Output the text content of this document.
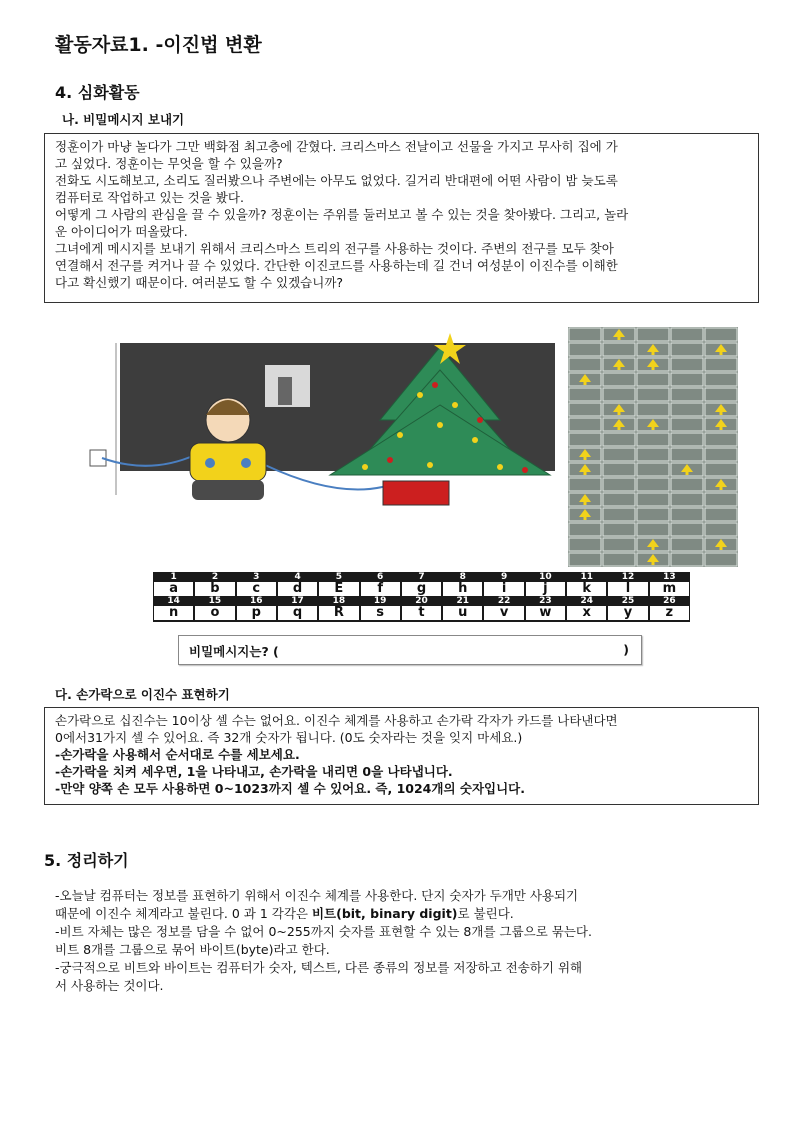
활동자료1. -이진법 변환
4. 심화활동
나. 비밀메시지 보내기

정훈이가 마냥 놀다가 그만 백화점 최고층에 갇혔다. 크리스마스 전날이고 선물을 가지고 무사히 집에 가

고 싶었다. 정훈이는 무엇을 할 수 있을까?

전화도 시도해보고, 소리도 질러봤으나 주변에는 아무도 없었다. 길거리 반대편에 어떤 사람이 밤 늦도록

컴퓨터로 작업하고 있는 것을 봤다.

어떻게 그 사람의 관심을 끌 수 있을까? 정훈이는 주위를 둘러보고 볼 수 있는 것을 찾아봤다. 그리고, 놀라

운 아이디어가 떠올랐다.

그녀에게 메시지를 보내기 위해서 크리스마스 트리의 전구를 사용하는 것이다. 주변의 전구를 모두 찾아

연결해서 전구를 켜거나 끌 수 있었다. 간단한 이진코드를 사용하는데 길 건너 여성분이 이진수를 이해한

다고 확신했기 때문이다. 여러분도 할 수 있겠습니까?

1	2	3	4	5	6	7	8	9	10	11	12	13
a	b	c	d	E	f	g	h	i	j	k	l	m
14	15	16	17	18	19	20	21	22	23	24	25	26
n	o	p	q	R	s	t	u	v	w	x	y	z
비밀메시지는? (	)
다. 손가락으로 이진수 표현하기

손가락으로 십진수는 10이상 셀 수는 없어요. 이진수 체계를 사용하고 손가락 각자가 카드를 나타낸다면

0에서31가지 셀 수 있어요. 즉 32개 숫자가 됩니다. (0도 숫자라는 것을 잊지 마세요.)

-손가락을 사용해서 순서대로 수를 세보세요.

-손가락을 치켜 세우면, 1을 나타내고, 손가락을 내리면 0을 나타냅니다.

-만약 양쪽 손 모두 사용하면 0~1023까지 셀 수 있어요. 즉, 1024개의 숫자입니다.

5. 정리하기

-오늘날 컴퓨터는 정보를 표현하기 위해서 이진수 체계를 사용한다. 단지 숫자가 두개만 사용되기

때문에 이진수 체계라고 불린다. 0 과 1 각각은 비트(bit, binary digit)로 불린다.

-비트 자체는 많은 정보를 담을 수 없어 0~255까지 숫자를 표현할 수 있는 8개를 그룹으로 묶는다.

비트 8개를 그룹으로 묶어 바이트(byte)라고 한다.

-궁극적으로 비트와 바이트는 컴퓨터가 숫자, 텍스트, 다른 종류의 정보를 저장하고 전송하기 위해

서 사용하는 것이다.
